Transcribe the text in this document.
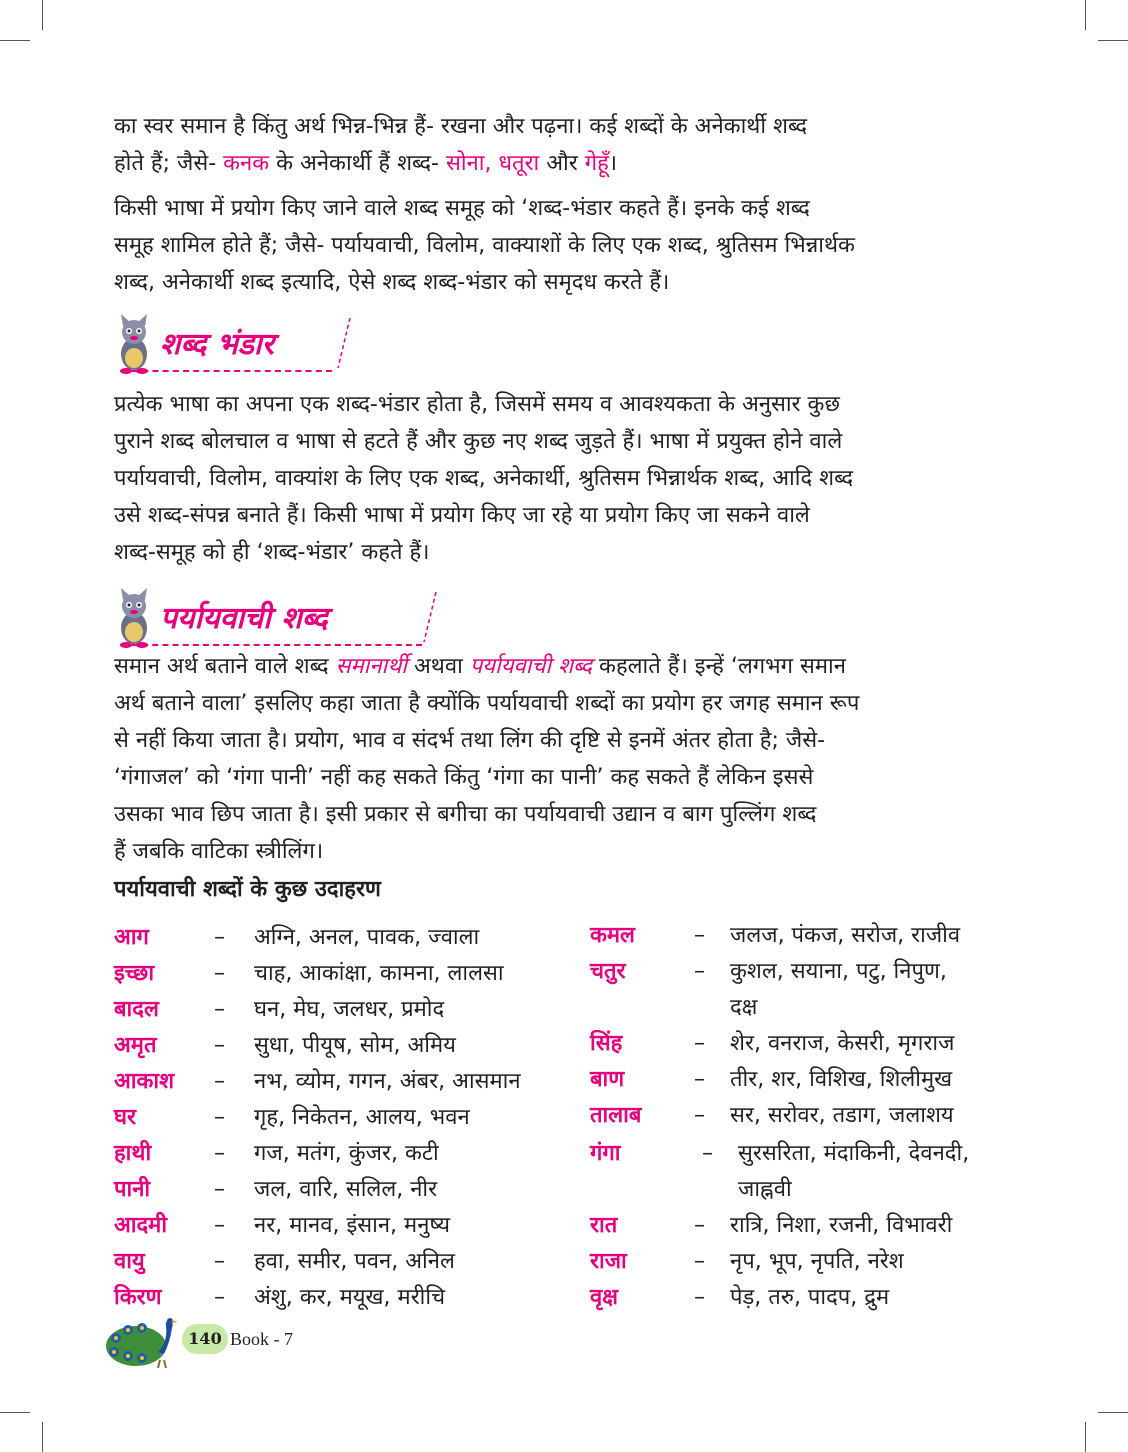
का स्वर समान है किंतु अर्थ भिन्न-भिन्न हैं- रखना और पढ़ना। कई शब्दों के अनेकार्थी शब्द
होते हैं; जैसे- कनक के अनेकार्थी हैं शब्द- सोना, धतूरा और गेहूँ।
किसी भाषा में प्रयोग किए जाने वाले शब्द समूह को ‘शब्द-भंडार कहते हैं। इनके कई शब्द
समूह शामिल होते हैं; जैसे- पर्यायवाची, विलोम, वाक्याशों के लिए एक शब्द, श्रुतिसम भिन्नार्थक
शब्द, अनेकार्थी शब्द इत्यादि, ऐसे शब्द शब्द-भंडार को समृदध करते हैं।
शब्द भंडार
प्रत्येक भाषा का अपना एक शब्द-भंडार होता है, जिसमें समय व आवश्यकता के अनुसार कुछ
पुराने शब्द बोलचाल व भाषा से हटते हैं और कुछ नए शब्द जुड़ते हैं। भाषा में प्रयुक्त होने वाले
पर्यायवाची, विलोम, वाक्यांश के लिए एक शब्द, अनेकार्थी, श्रुतिसम भिन्नार्थक शब्द, आदि शब्द
उसे शब्द-संपन्न बनाते हैं। किसी भाषा में प्रयोग किए जा रहे या प्रयोग किए जा सकने वाले
शब्द-समूह को ही ‘शब्द-भंडार’ कहते हैं।
पर्यायवाची शब्द
समान अर्थ बताने वाले शब्द समानार्थी अथवा पर्यायवाची शब्द कहलाते हैं। इन्हें ‘लगभग समान
अर्थ बताने वाला’ इसलिए कहा जाता है क्योंकि पर्यायवाची शब्दों का प्रयोग हर जगह समान रूप
से नहीं किया जाता है। प्रयोग, भाव व संदर्भ तथा लिंग की दृष्टि से इनमें अंतर होता है; जैसे-
‘गंगाजल’ को ‘गंगा पानी’ नहीं कह सकते किंतु ‘गंगा का पानी’ कह सकते हैं लेकिन इससे
उसका भाव छिप जाता है। इसी प्रकार से बगीचा का पर्यायवाची उद्यान व बाग पुल्लिंग शब्द
हैं जबकि वाटिका स्त्रीलिंग।
पर्यायवाची शब्दों के कुछ उदाहरण
आग	– अग्नि, अनल, पावक, ज्वाला
इच्छा	– चाह, आकांक्षा, कामना, लालसा
बादल	– घन, मेघ, जलधर, प्रमोद
अमृत	– सुधा, पीयूष, सोम, अमिय
आकाश – नभ, व्योम, गगन, अंबर, आसमान
घर	– गृह, निकेतन, आलय, भवन
हाथी	– गज, मतंग, कुंजर, कटी
पानी	– जल, वारि, सलिल, नीर
आदमी – नर, मानव, इंसान, मनुष्य
वायु	– हवा, समीर, पवन, अनिल
किरण – अंशु, कर, मयूख, मरीचि
कमल	– जलज, पंकज, सरोज, राजीव
चतुर	– कुशल, सयाना, पटु, निपुण,
दक्ष
सिंह	– शेर, वनराज, केसरी, मृगराज
बाण	– तीर, शर, विशिख, शिलीमुख
तालाब – सर, सरोवर, तडाग, जलाशय
गंगा	– सुरसरिता, मंदाकिनी, देवनदी,
जाह्नवी
रात	– रात्रि, निशा, रजनी, विभावरी
राजा	– नृप, भूप, नृपति, नरेश
वृक्ष	– पेड़, तरु, पादप, द्रुम
140 Book - 7
